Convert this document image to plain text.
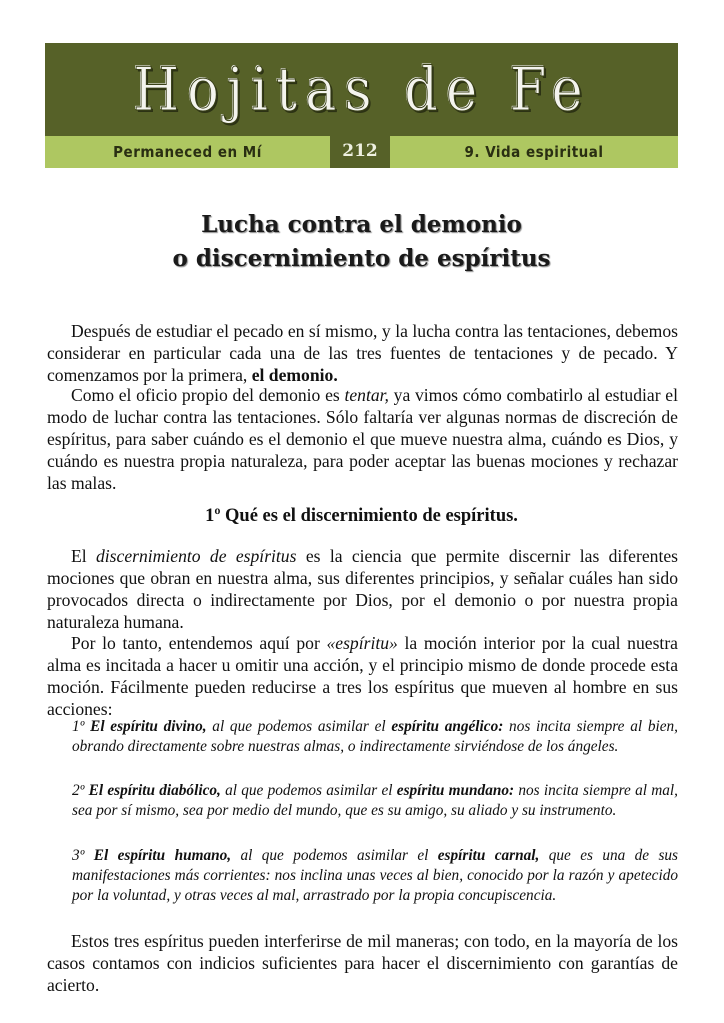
Hojitas de Fe
Permaneced en Mí	212	9. Vida espiritual
Lucha contra el demonio
o discernimiento de espíritus

Después de estudiar el pecado en sí mismo, y la lucha contra las tentaciones, debemos considerar en particular cada una de las tres fuentes de tentaciones y de pecado. Y comenzamos por la primera, el demonio.

Como el oficio propio del demonio es tentar, ya vimos cómo combatirlo al estudiar el modo de luchar contra las tentaciones. Sólo faltaría ver algunas normas de discreción de espíritus, para saber cuándo es el demonio el que mueve nuestra alma, cuándo es Dios, y cuándo es nuestra propia naturaleza, para poder aceptar las buenas mociones y rechazar las malas.

1º Qué es el discernimiento de espíritus.

El discernimiento de espíritus es la ciencia que permite discernir las diferentes mociones que obran en nuestra alma, sus diferentes principios, y señalar cuáles han sido provocados directa o indirectamente por Dios, por el demonio o por nuestra propia naturaleza humana.

Por lo tanto, entendemos aquí por «espíritu» la moción interior por la cual nuestra alma es incitada a hacer u omitir una acción, y el principio mismo de donde procede esta moción. Fácilmente pueden reducirse a tres los espíritus que mueven al hombre en sus acciones:

1º El espíritu divino, al que podemos asimilar el espíritu angélico: nos incita siempre al bien, obrando directamente sobre nuestras almas, o indirectamente sirviéndose de los ángeles.
2º El espíritu diabólico, al que podemos asimilar el espíritu mundano: nos incita siempre al mal, sea por sí mismo, sea por medio del mundo, que es su amigo, su aliado y su instrumento.
3º El espíritu humano, al que podemos asimilar el espíritu carnal, que es una de sus manifestaciones más corrientes: nos inclina unas veces al bien, conocido por la razón y apetecido por la voluntad, y otras veces al mal, arrastrado por la propia concupiscencia.

Estos tres espíritus pueden interferirse de mil maneras; con todo, en la mayoría de los casos contamos con indicios suficientes para hacer el discernimiento con garantías de acierto.
